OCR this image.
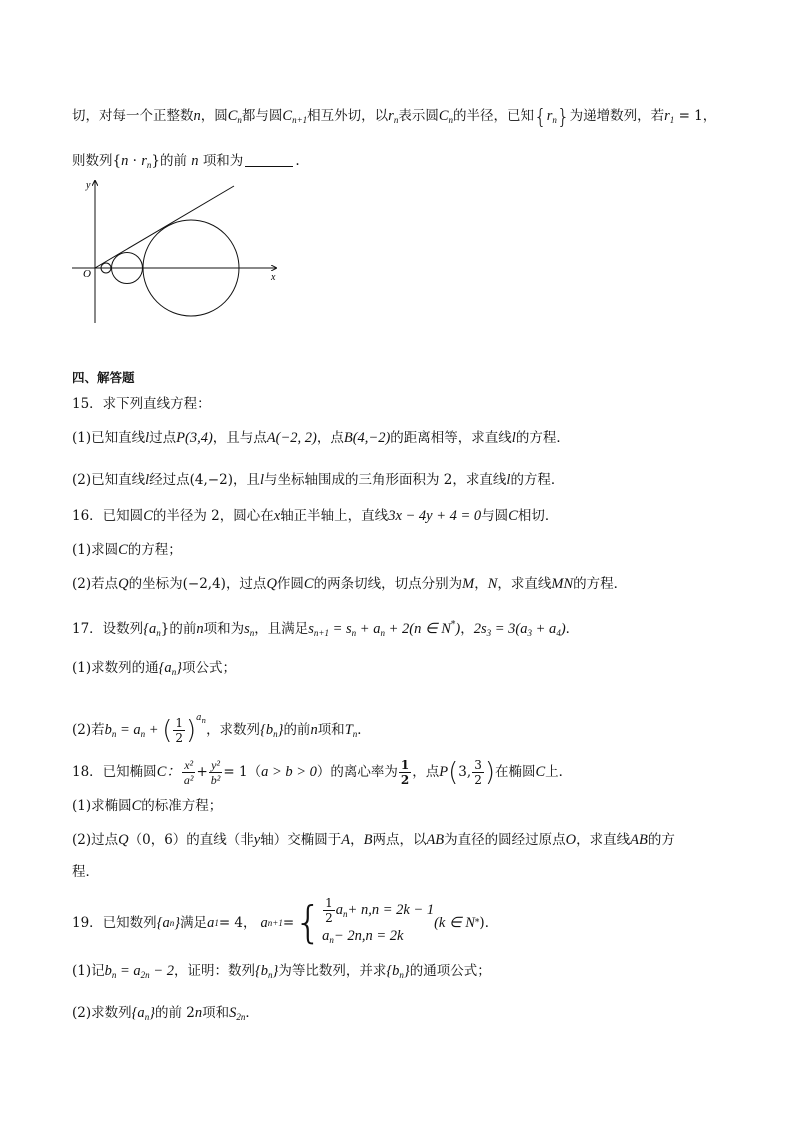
切，对每一个正整数n，圆$C_n$都与圆$C_{n+1}$相互外切，以$r_n$表示圆$C_n$的半径，已知$\{r_n\}$为递增数列，若$r_1 = 1$，
则数列$\{n \cdot r_n\}$的前 n 项和为	.
O	x
y
四、解答题
15．求下列直线方程：
(1)已知直线l过点P(3,4)，且与点A(−2, 2)，点B(4,−2)的距离相等，求直线l的方程．
(2)已知直线l经过点(4,−2)，且l与坐标轴围成的三角形面积为 2，求直线l的方程．
16．已知圆C的半径为 2，圆心在x轴正半轴上，直线3x − 4y + 4 = 0与圆C相切．
(1)求圆C的方程；
(2)若点Q的坐标为(−2,4)，过点Q作圆C的两条切线，切点分别为M，N，求直线MN的方程．
17．设数列$\{a_n\}$的前n项和为$s_n$，且满足$s_{n+1} = s_n + a_n + 2(n$ ∈ N*)，$2s_3 = 3(a_3 + a_4)$．
(1)求数列的通$\{a_n\}$项公式；
(2)若$b_n = a_n$ + ( $\frac{1}{2} )^{a_n}$，求数列$\{b_n\}$的前n项和$T_n$．
18．已知椭圆C： $\frac{\text{x²}}{\text{a²}} + \frac{\text{y²}}{\text{b²}} = 1(a > b > 0)$的离心率为 $\frac{1}{2}$ ，点P(3, $\frac{3}{2}$ )在椭圆C上．
(1)求椭圆C的标准方程；
(2)过点Q（0，6）的直线（非y轴）交椭圆于A，B两点，以AB为直径的圆经过原点O，求直线AB的方
程．
19．已知数列 {a n } 满足 a 1 = 4， a n+1 = { $\frac{1}{2} a_n+ n,n = 2k - 1$
$a_n- 2n,n = 2k$
(k ∈ N * )．
(1)记$b_n = a_{2n} - 2$，证明：数列$\{b_n\}$为等比数列，并求$\{b_n\}$的通项公式；
(2)求数列$\{a_n\}$的前 2n项和$S_{2n}$．
